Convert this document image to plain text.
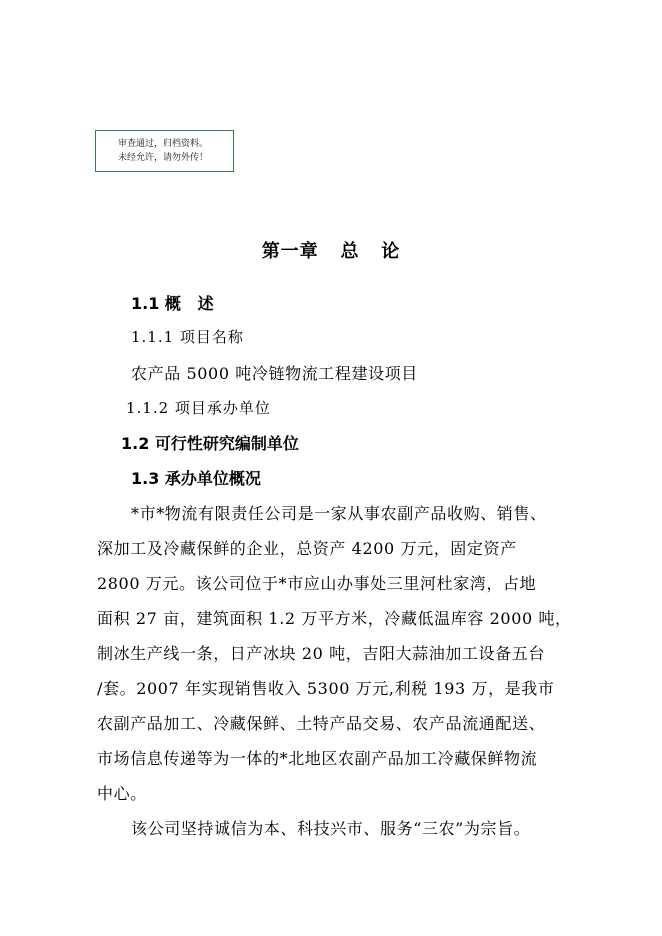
审查通过，归档资料。
未经允许，请勿外传！
第一章   总   论
1.1 概   述
1.1.1 项目名称
农产品 5000 吨冷链物流工程建设项目
1.1.2 项目承办单位
1.2 可行性研究编制单位
1.3 承办单位概况
*市*物流有限责任公司是一家从事农副产品收购、销售、
深加工及冷藏保鲜的企业，总资产 4200 万元，固定资产
2800 万元。该公司位于*市应山办事处三里河杜家湾，占地
面积 27 亩，建筑面积 1.2 万平方米，冷藏低温库容 2000 吨，
制冰生产线一条，日产冰块 20 吨，吉阳大蒜油加工设备五台
/套。2007 年实现销售收入 5300 万元,利税 193 万，是我市
农副产品加工、冷藏保鲜、土特产品交易、农产品流通配送、
市场信息传递等为一体的*北地区农副产品加工冷藏保鲜物流
中心。
该公司坚持诚信为本、科技兴市、服务“三农”为宗旨。
